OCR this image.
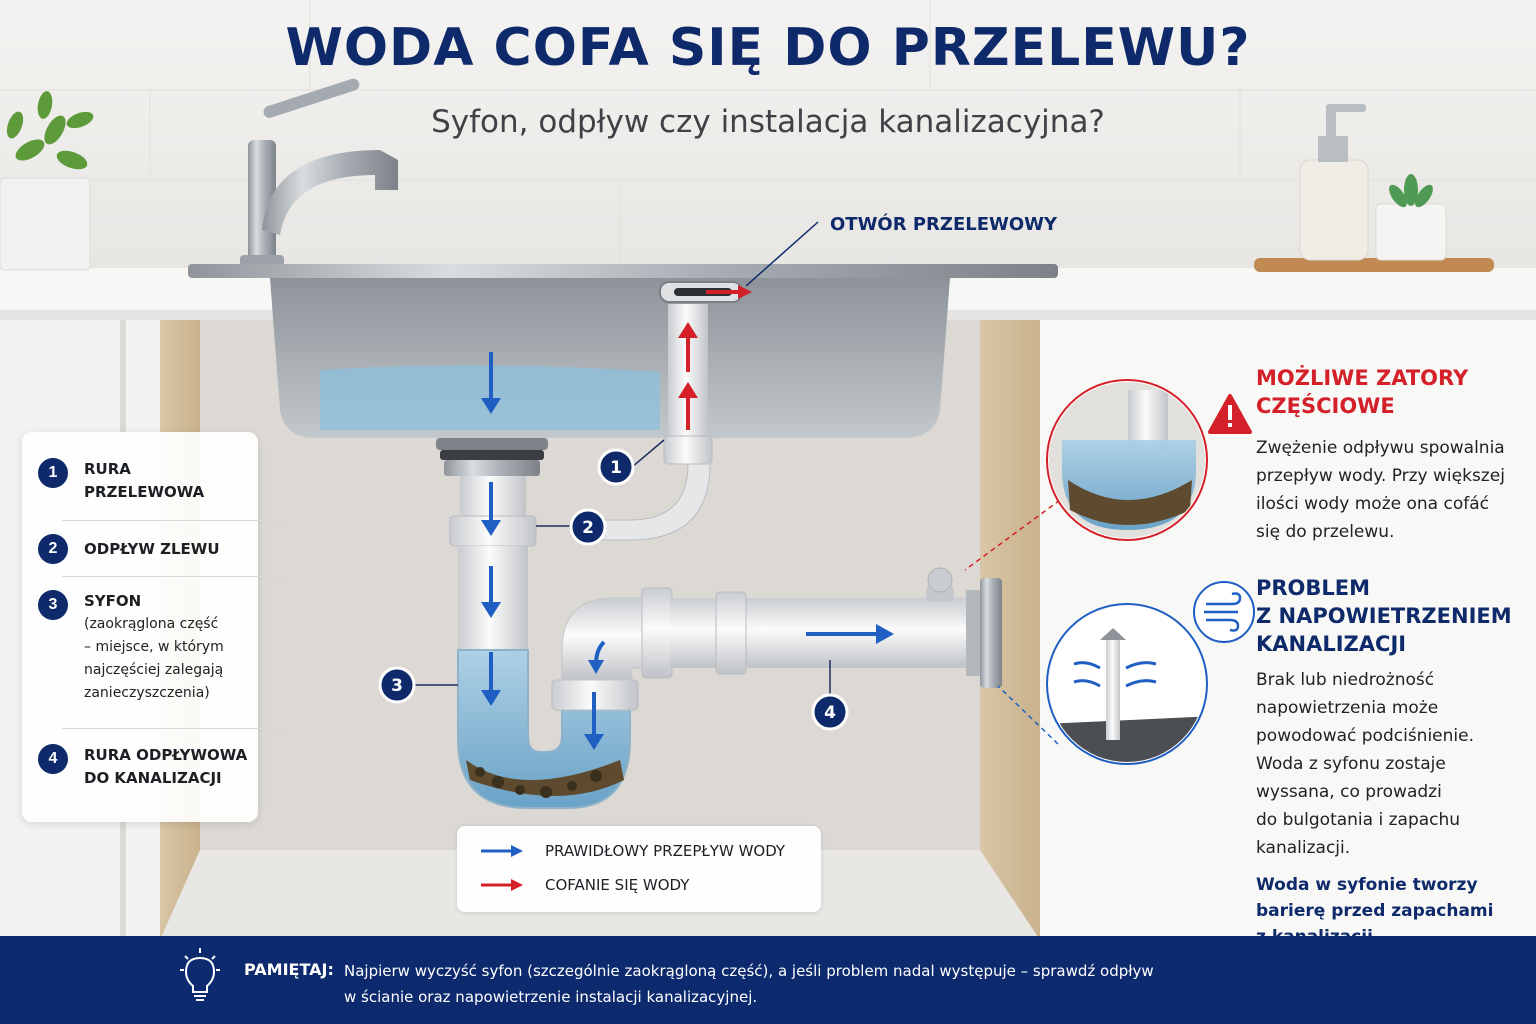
OTWÓR PRZELEWOWY
1
2
3
4
WODA COFA SIĘ DO PRZELEWU?
Syfon, odpływ czy instalacja kanalizacyjna?
1	RURA
PRZELEWOWA
2	ODPŁYW ZLEWU
3	SYFON
(zaokrąglona część
– miejsce, w którym
najczęściej zalegają
zanieczyszczenia)
4	RURA ODPŁYWOWA
DO KANALIZACJI
PRAWIDŁOWY PRZEPŁYW WODY
COFANIE SIĘ WODY
MOŻLIWE ZATORY
CZĘŚCIOWE
Zwężenie odpływu spowalnia
przepływ wody. Przy większej
ilości wody może ona cofáć
się do przelewu.
PROBLEM
Z NAPOWIETRZENIEM
KANALIZACJI
Brak lub niedrożność
napowietrzenia może
powodować podciśnienie.
Woda z syfonu zostaje
wyssana, co prowadzi
do bulgotania i zapachu
kanalizacji.
Woda w syfonie tworzy
barierę przed zapachami
PAMIĘTAJ: Najpierw wyczyść syfon (szczególnie zaokrągloną część), a jeśli problem nadal występuje – sprawdź odpływ
w ścianie oraz napowietrzenie instalacji kanalizacyjnej.
